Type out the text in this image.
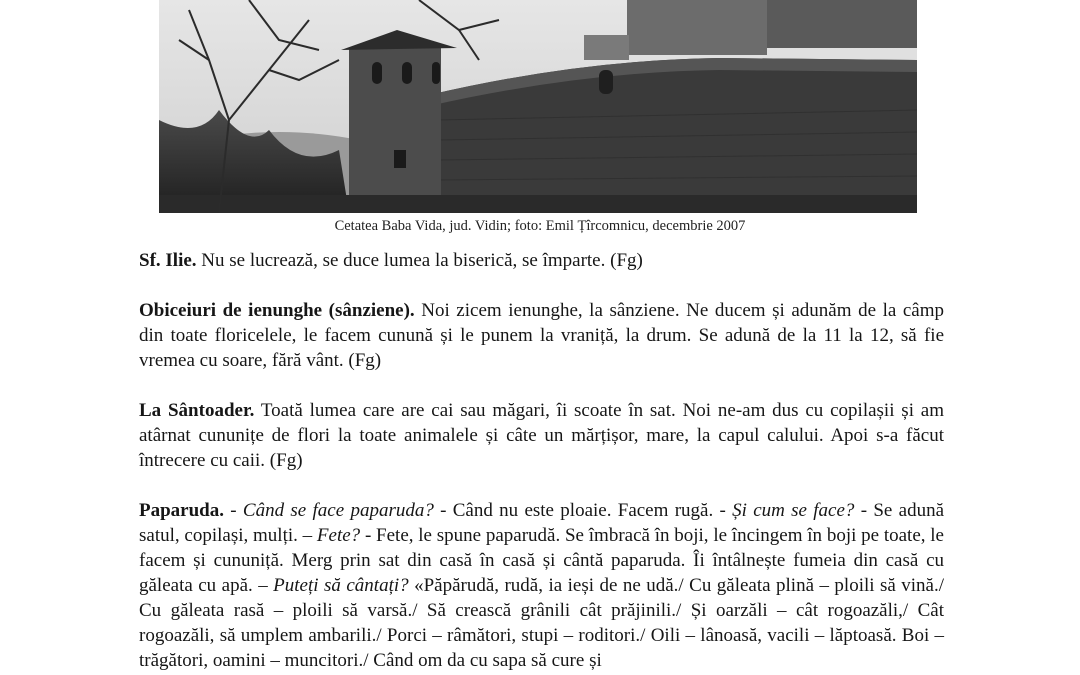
Cetatea Baba Vida, jud. Vidin; foto: Emil Țîrcomnicu, decembrie 2007

Sf. Ilie. Nu se lucrează, se duce lumea la biserică, se împarte. (Fg)

Obiceiuri de ienunghe (sânziene). Noi zicem ienunghe, la sânziene. Ne ducem și adunăm de la câmp din toate floricelele, le facem cunună și le punem la vraniță, la drum. Se adună de la 11 la 12, să fie vremea cu soare, fără vânt. (Fg)

La Sântoader. Toată lumea care are cai sau măgari, îi scoate în sat. Noi ne-am dus cu copilașii și am atârnat cununițe de flori la toate animalele și câte un mărțișor, mare, la capul calului. Apoi s-a făcut întrecere cu caii. (Fg)

Paparuda. - Când se face paparuda? - Când nu este ploaie. Facem rugă. - Și cum se face? - Se adună satul, copilași, mulți. – Fete? - Fete, le spune paparudă. Se îmbracă în boji, le încingem în boji pe toate, le facem și cununiță. Merg prin sat din casă în casă și cântă paparuda. Îi întâlnește fumeia din casă cu găleata cu apă. – Puteți să cântați? «Păpărudă, rudă, ia ieși de ne udă./ Cu găleata plină – ploili să vină./ Cu găleata rasă – ploili să varsă./ Să crească grânili cât prăjinili./ Și oarzăli – cât rogoazăli,/ Cât rogoazăli, să umplem ambarili./ Porci – râmători, stupi – roditori./ Oili – lânoasă, vacili – lăptoasă. Boi – trăgători, oamini – muncitori./ Când om da cu sapa să cure și
